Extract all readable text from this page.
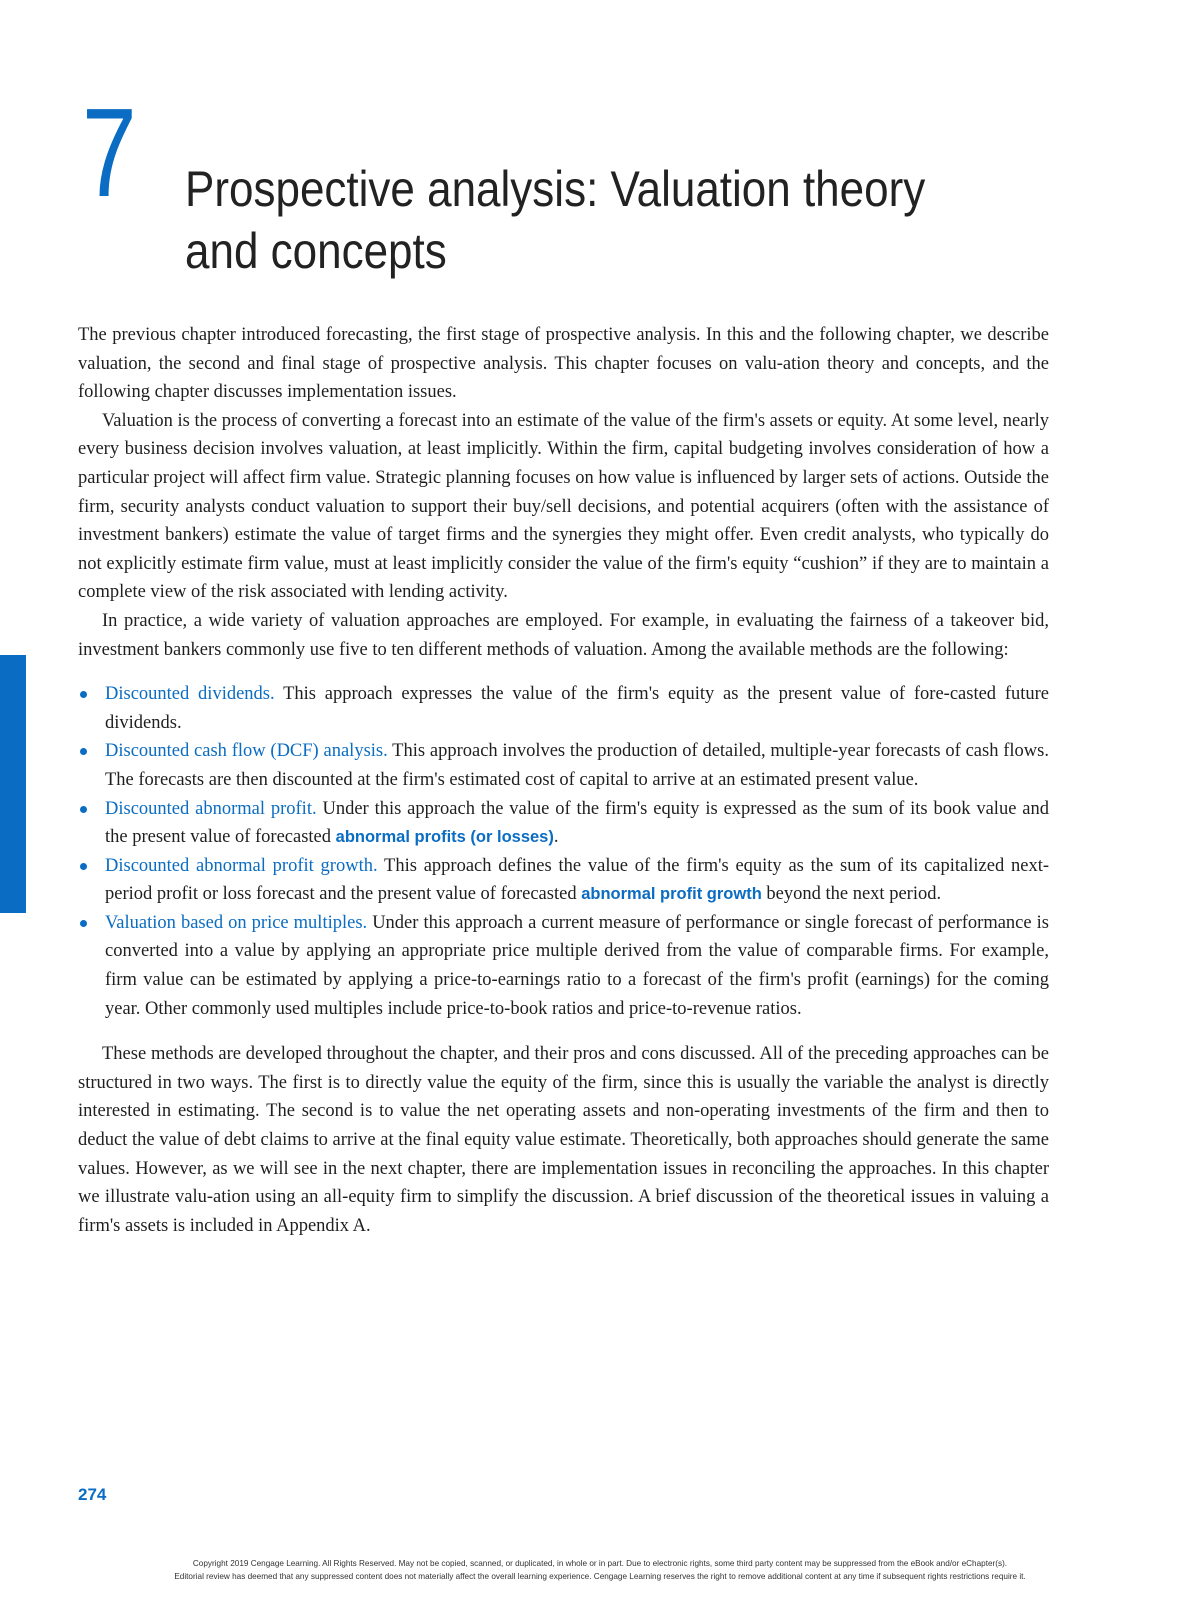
7 Prospective analysis: Valuation theory and concepts

The previous chapter introduced forecasting, the first stage of prospective analysis. In this and the following chapter, we describe valuation, the second and final stage of prospective analysis. This chapter focuses on valu-ation theory and concepts, and the following chapter discusses implementation issues.

Valuation is the process of converting a forecast into an estimate of the value of the firm's assets or equity. At some level, nearly every business decision involves valuation, at least implicitly. Within the firm, capital budgeting involves consideration of how a particular project will affect firm value. Strategic planning focuses on how value is influenced by larger sets of actions. Outside the firm, security analysts conduct valuation to support their buy/sell decisions, and potential acquirers (often with the assistance of investment bankers) estimate the value of target firms and the synergies they might offer. Even credit analysts, who typically do not explicitly estimate firm value, must at least implicitly consider the value of the firm's equity “cushion” if they are to maintain a complete view of the risk associated with lending activity.

In practice, a wide variety of valuation approaches are employed. For example, in evaluating the fairness of a takeover bid, investment bankers commonly use five to ten different methods of valuation. Among the available methods are the following:

Discounted dividends. This approach expresses the value of the firm's equity as the present value of fore-casted future dividends.
Discounted cash flow (DCF) analysis. This approach involves the production of detailed, multiple-year forecasts of cash flows. The forecasts are then discounted at the firm's estimated cost of capital to arrive at an estimated present value.
Discounted abnormal profit. Under this approach the value of the firm's equity is expressed as the sum of its book value and the present value of forecasted abnormal profits (or losses).
Discounted abnormal profit growth. This approach defines the value of the firm's equity as the sum of its capitalized next-period profit or loss forecast and the present value of forecasted abnormal profit growth beyond the next period.
Valuation based on price multiples. Under this approach a current measure of performance or single forecast of performance is converted into a value by applying an appropriate price multiple derived from the value of comparable firms. For example, firm value can be estimated by applying a price-to-earnings ratio to a forecast of the firm's profit (earnings) for the coming year. Other commonly used multiples include price-to-book ratios and price-to-revenue ratios.

These methods are developed throughout the chapter, and their pros and cons discussed. All of the preceding approaches can be structured in two ways. The first is to directly value the equity of the firm, since this is usually the variable the analyst is directly interested in estimating. The second is to value the net operating assets and non-operating investments of the firm and then to deduct the value of debt claims to arrive at the final equity value estimate. Theoretically, both approaches should generate the same values. However, as we will see in the next chapter, there are implementation issues in reconciling the approaches. In this chapter we illustrate valu-ation using an all-equity firm to simplify the discussion. A brief discussion of the theoretical issues in valuing a firm's assets is included in Appendix A.

274
Copyright 2019 Cengage Learning. All Rights Reserved. May not be copied, scanned, or duplicated, in whole or in part. Due to electronic rights, some third party content may be suppressed from the eBook and/or eChapter(s).
Editorial review has deemed that any suppressed content does not materially affect the overall learning experience. Cengage Learning reserves the right to remove additional content at any time if subsequent rights restrictions require it.
